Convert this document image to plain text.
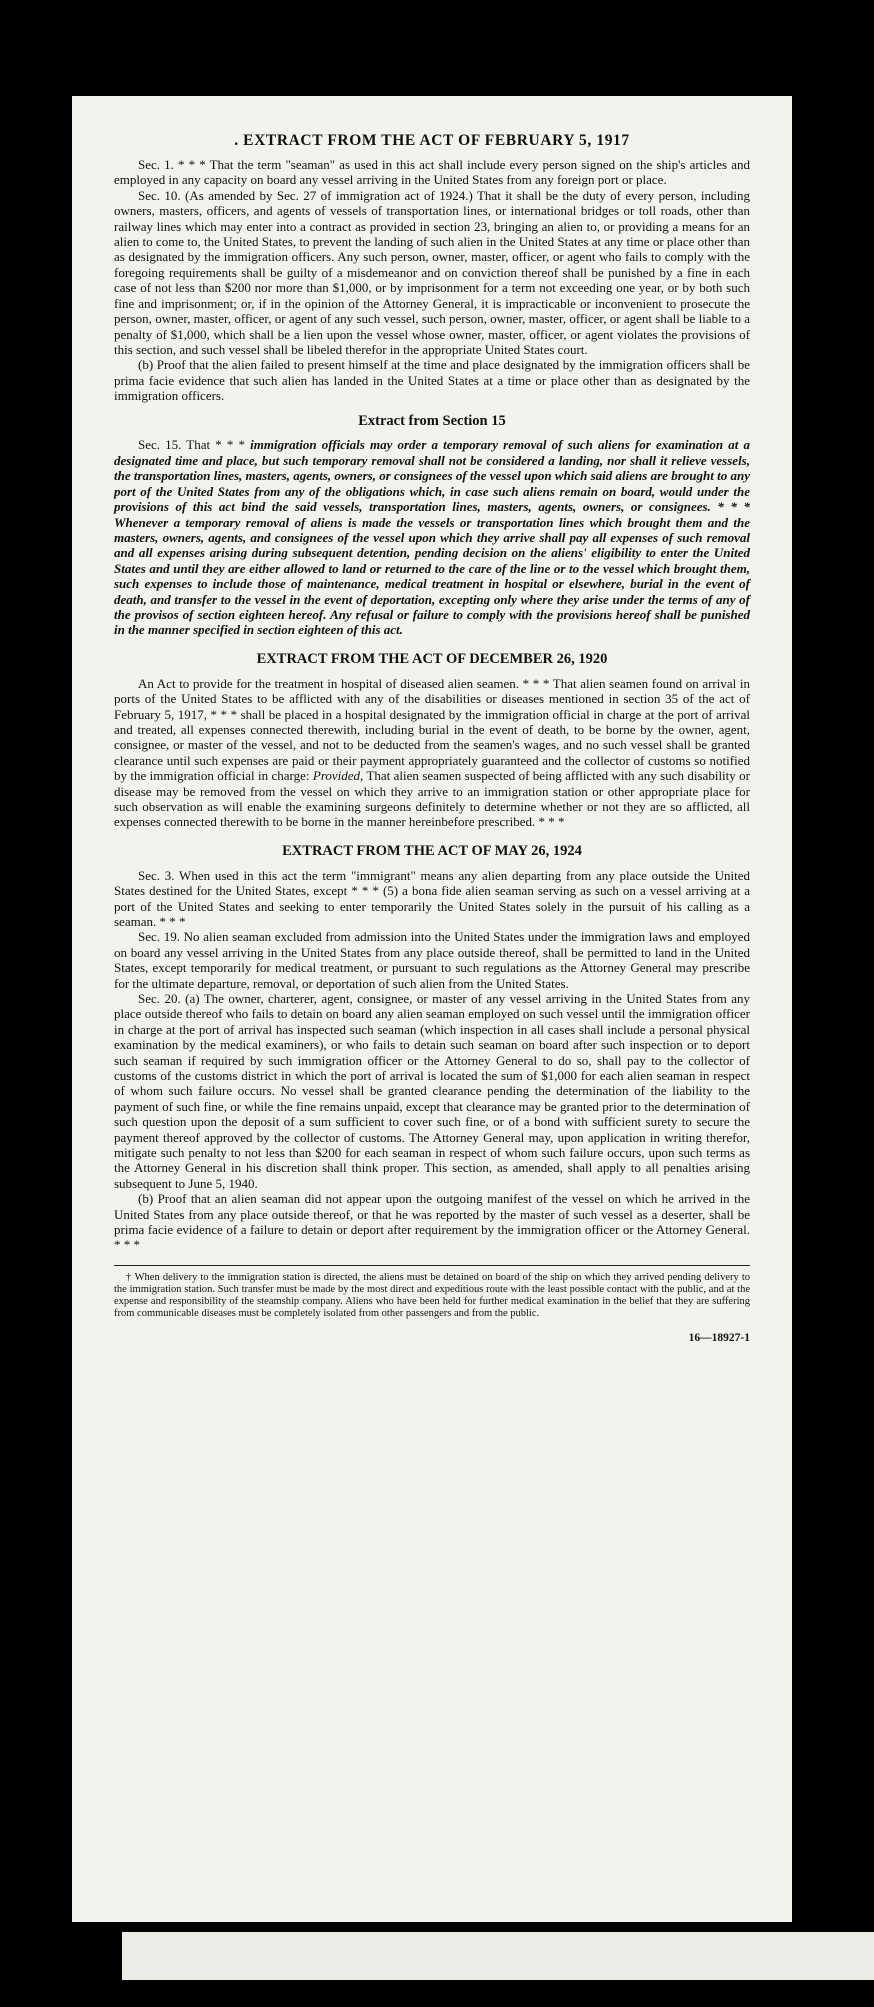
. EXTRACT FROM THE ACT OF FEBRUARY 5, 1917

Sec. 1. * * * That the term "seaman" as used in this act shall include every person signed on the ship's articles and employed in any capacity on board any vessel arriving in the United States from any foreign port or place.

Sec. 10. (As amended by Sec. 27 of immigration act of 1924.) That it shall be the duty of every person, including owners, masters, officers, and agents of vessels of transportation lines, or international bridges or toll roads, other than railway lines which may enter into a contract as provided in section 23, bringing an alien to, or providing a means for an alien to come to, the United States, to prevent the landing of such alien in the United States at any time or place other than as designated by the immigration officers. Any such person, owner, master, officer, or agent who fails to comply with the foregoing requirements shall be guilty of a misdemeanor and on conviction thereof shall be punished by a fine in each case of not less than $200 nor more than $1,000, or by imprisonment for a term not exceeding one year, or by both such fine and imprisonment; or, if in the opinion of the Attorney General, it is impracticable or inconvenient to prosecute the person, owner, master, officer, or agent of any such vessel, such person, owner, master, officer, or agent shall be liable to a penalty of $1,000, which shall be a lien upon the vessel whose owner, master, officer, or agent violates the provisions of this section, and such vessel shall be libeled therefor in the appropriate United States court.

(b) Proof that the alien failed to present himself at the time and place designated by the immigration officers shall be prima facie evidence that such alien has landed in the United States at a time or place other than as designated by the immigration officers.

Extract from Section 15

Sec. 15. That * * * immigration officials may order a temporary removal of such aliens for examination at a designated time and place, but such temporary removal shall not be considered a landing, nor shall it relieve vessels, the transportation lines, masters, agents, owners, or consignees of the vessel upon which said aliens are brought to any port of the United States from any of the obligations which, in case such aliens remain on board, would under the provisions of this act bind the said vessels, transportation lines, masters, agents, owners, or consignees. * * * Whenever a temporary removal of aliens is made the vessels or transportation lines which brought them and the masters, owners, agents, and consignees of the vessel upon which they arrive shall pay all expenses of such removal and all expenses arising during subsequent detention, pending decision on the aliens' eligibility to enter the United States and until they are either allowed to land or returned to the care of the line or to the vessel which brought them, such expenses to include those of maintenance, medical treatment in hospital or elsewhere, burial in the event of death, and transfer to the vessel in the event of deportation, excepting only where they arise under the terms of any of the provisos of section eighteen hereof. Any refusal or failure to comply with the provisions hereof shall be punished in the manner specified in section eighteen of this act.

EXTRACT FROM THE ACT OF DECEMBER 26, 1920

An Act to provide for the treatment in hospital of diseased alien seamen. * * * That alien seamen found on arrival in ports of the United States to be afflicted with any of the disabilities or diseases mentioned in section 35 of the act of February 5, 1917, * * * shall be placed in a hospital designated by the immigration official in charge at the port of arrival and treated, all expenses connected therewith, including burial in the event of death, to be borne by the owner, agent, consignee, or master of the vessel, and not to be deducted from the seamen's wages, and no such vessel shall be granted clearance until such expenses are paid or their payment appropriately guaranteed and the collector of customs so notified by the immigration official in charge: Provided, That alien seamen suspected of being afflicted with any such disability or disease may be removed from the vessel on which they arrive to an immigration station or other appropriate place for such observation as will enable the examining surgeons definitely to determine whether or not they are so afflicted, all expenses connected therewith to be borne in the manner hereinbefore prescribed. * * *

EXTRACT FROM THE ACT OF MAY 26, 1924

Sec. 3. When used in this act the term "immigrant" means any alien departing from any place outside the United States destined for the United States, except * * * (5) a bona fide alien seaman serving as such on a vessel arriving at a port of the United States and seeking to enter temporarily the United States solely in the pursuit of his calling as a seaman. * * *

Sec. 19. No alien seaman excluded from admission into the United States under the immigration laws and employed on board any vessel arriving in the United States from any place outside thereof, shall be permitted to land in the United States, except temporarily for medical treatment, or pursuant to such regulations as the Attorney General may prescribe for the ultimate departure, removal, or deportation of such alien from the United States.

Sec. 20. (a) The owner, charterer, agent, consignee, or master of any vessel arriving in the United States from any place outside thereof who fails to detain on board any alien seaman employed on such vessel until the immigration officer in charge at the port of arrival has inspected such seaman (which inspection in all cases shall include a personal physical examination by the medical examiners), or who fails to detain such seaman on board after such inspection or to deport such seaman if required by such immigration officer or the Attorney General to do so, shall pay to the collector of customs of the customs district in which the port of arrival is located the sum of $1,000 for each alien seaman in respect of whom such failure occurs. No vessel shall be granted clearance pending the determination of the liability to the payment of such fine, or while the fine remains unpaid, except that clearance may be granted prior to the determination of such question upon the deposit of a sum sufficient to cover such fine, or of a bond with sufficient surety to secure the payment thereof approved by the collector of customs. The Attorney General may, upon application in writing therefor, mitigate such penalty to not less than $200 for each seaman in respect of whom such failure occurs, upon such terms as the Attorney General in his discretion shall think proper. This section, as amended, shall apply to all penalties arising subsequent to June 5, 1940.

(b) Proof that an alien seaman did not appear upon the outgoing manifest of the vessel on which he arrived in the United States from any place outside thereof, or that he was reported by the master of such vessel as a deserter, shall be prima facie evidence of a failure to detain or deport after requirement by the immigration officer or the Attorney General. * * *

† When delivery to the immigration station is directed, the aliens must be detained on board of the ship on which they arrived pending delivery to the immigration station. Such transfer must be made by the most direct and expeditious route with the least possible contact with the public, and at the expense and responsibility of the steamship company. Aliens who have been held for further medical examination in the belief that they are suffering from communicable diseases must be completely isolated from other passengers and from the public.

16—18927-1
